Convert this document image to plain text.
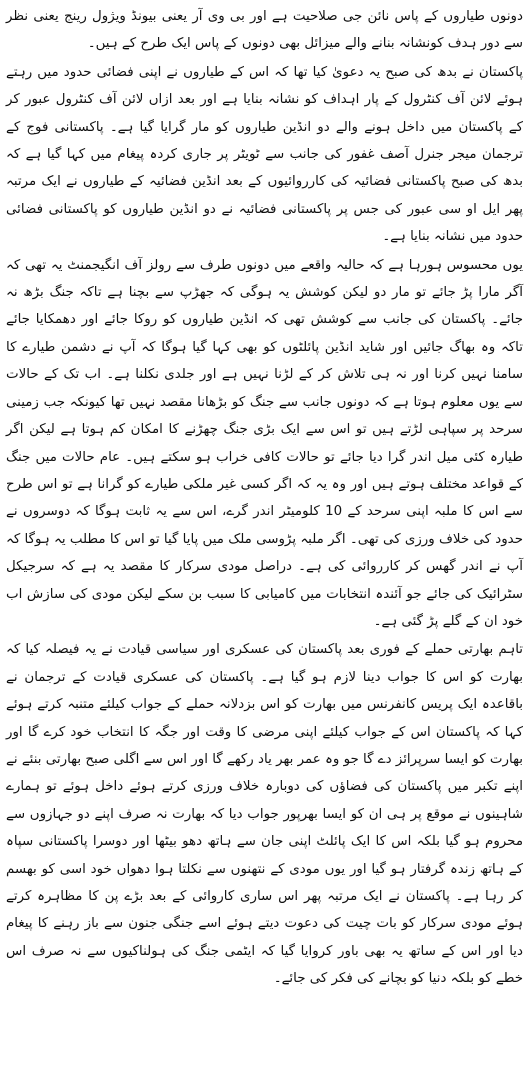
دونوں طیاروں کے پاس نائن جی صلاحیت ہے اور بی وی آر یعنی بیونڈ ویژول رینج یعنی نظر سے دور ہدف کونشانہ بنانے والے میزائل بھی دونوں کے پاس ایک طرح کے ہیں۔

پاکستان نے بدھ کی صبح یہ دعویٰ کیا تھا کہ اس کے طیاروں نے اپنی فضائی حدود میں رہتے ہوئے لائن آف کنٹرول کے پار اہداف کو نشانہ بنایا ہے اور بعد ازاں لائن آف کنٹرول عبور کر کے پاکستان میں داخل ہونے والے دو انڈین طیاروں کو مار گرایا گیا ہے۔ پاکستانی فوج کے ترجمان میجر جنرل آصف غفور کی جانب سے ٹویٹر پر جاری کردہ پیغام میں کہا گیا ہے کہ بدھ کی صبح پاکستانی فضائیہ کی کارروائیوں کے بعد انڈین فضائیہ کے طیاروں نے ایک مرتبہ پھر ایل او سی عبور کی جس پر پاکستانی فضائیہ نے دو انڈین طیاروں کو پاکستانی فضائی حدود میں نشانہ بنایا ہے۔

یوں محسوس ہورہا ہے کہ حالیہ واقعے میں دونوں طرف سے رولز آف انگیجمنٹ یہ تھی کہ آگر مارا پڑ جائے تو مار دو لیکن کوشش یہ ہوگی کہ جھڑپ سے بچنا ہے تاکہ جنگ بڑھ نہ جائے۔ پاکستان کی جانب سے کوشش تھی کہ انڈین طیاروں کو روکا جائے اور دھمکایا جائے تاکہ وہ بھاگ جائیں اور شاید انڈین پائلٹوں کو بھی کہا گیا ہوگا کہ آپ نے دشمن طیارے کا سامنا نہیں کرنا اور نہ ہی تلاش کر کے لڑنا نہیں ہے اور جلدی نکلنا ہے۔ اب تک کے حالات سے یوں معلوم ہوتا ہے کہ دونوں جانب سے جنگ کو بڑھانا مقصد نہیں تھا کیونکہ جب زمینی سرحد پر سپاہی لڑتے ہیں تو اس سے ایک بڑی جنگ چھڑنے کا امکان کم ہوتا ہے لیکن اگر طیارہ کئی میل اندر گرا دیا جائے تو حالات کافی خراب ہو سکتے ہیں۔ عام حالات میں جنگ کے قواعد مختلف ہوتے ہیں اور وہ یہ کہ اگر کسی غیر ملکی طیارے کو گرانا ہے تو اس طرح سے اس کا ملبہ اپنی سرحد کے 10 کلومیٹر اندر گرے، اس سے یہ ثابت ہوگا کہ دوسروں نے حدود کی خلاف ورزی کی تھی۔ اگر ملبہ پڑوسی ملک میں پایا گیا تو اس کا مطلب یہ ہوگا کہ آپ نے اندر گھس کر کارروائی کی ہے۔ دراصل مودی سرکار کا مقصد یہ ہے کہ سرجیکل سٹرائیک کی جائے جو آئندہ انتخابات میں کامیابی کا سبب بن سکے لیکن مودی کی سازش اب خود ان کے گلے پڑ گئی ہے۔

تاہم بھارتی حملے کے فوری بعد پاکستان کی عسکری اور سیاسی قیادت نے یہ فیصلہ کیا کہ بھارت کو اس کا جواب دینا لازم ہو گیا ہے۔ پاکستان کی عسکری قیادت کے ترجمان نے باقاعدہ ایک پریس کانفرنس میں بھارت کو اس بزدلانہ حملے کے جواب کیلئے متنبہ کرتے ہوئے کہا کہ پاکستان اس کے جواب کیلئے اپنی مرضی کا وقت اور جگہ کا انتخاب خود کرے گا اور بھارت کو ایسا سرپرائز دے گا جو وہ عمر بھر یاد رکھے گا اور اس سے اگلی صبح بھارتی بنئے نے اپنے تکبر میں پاکستان کی فضاؤں کی دوبارہ خلاف ورزی کرتے ہوئے داخل ہوئے تو ہمارے شاہینوں نے موقع پر ہی ان کو ایسا بھرپور جواب دیا کہ بھارت نہ صرف اپنے دو جہازوں سے محروم ہو گیا بلکہ اس کا ایک پائلٹ اپنی جان سے ہاتھ دھو بیٹھا اور دوسرا پاکستانی سپاہ کے ہاتھ زندہ گرفتار ہو گیا اور یوں مودی کے نتھنوں سے نکلتا ہوا دھواں خود اسی کو بھسم کر رہا ہے۔ پاکستان نے ایک مرتبہ پھر اس ساری کاروائی کے بعد بڑے پن کا مظاہرہ کرتے ہوئے مودی سرکار کو بات چیت کی دعوت دیتے ہوئے اسے جنگی جنون سے باز رہنے کا پیغام دیا اور اس کے ساتھ یہ بھی باور کروایا گیا کہ ایٹمی جنگ کی ہولناکیوں سے نہ صرف اس خطے کو بلکہ دنیا کو بچانے کی فکر کی جائے۔
